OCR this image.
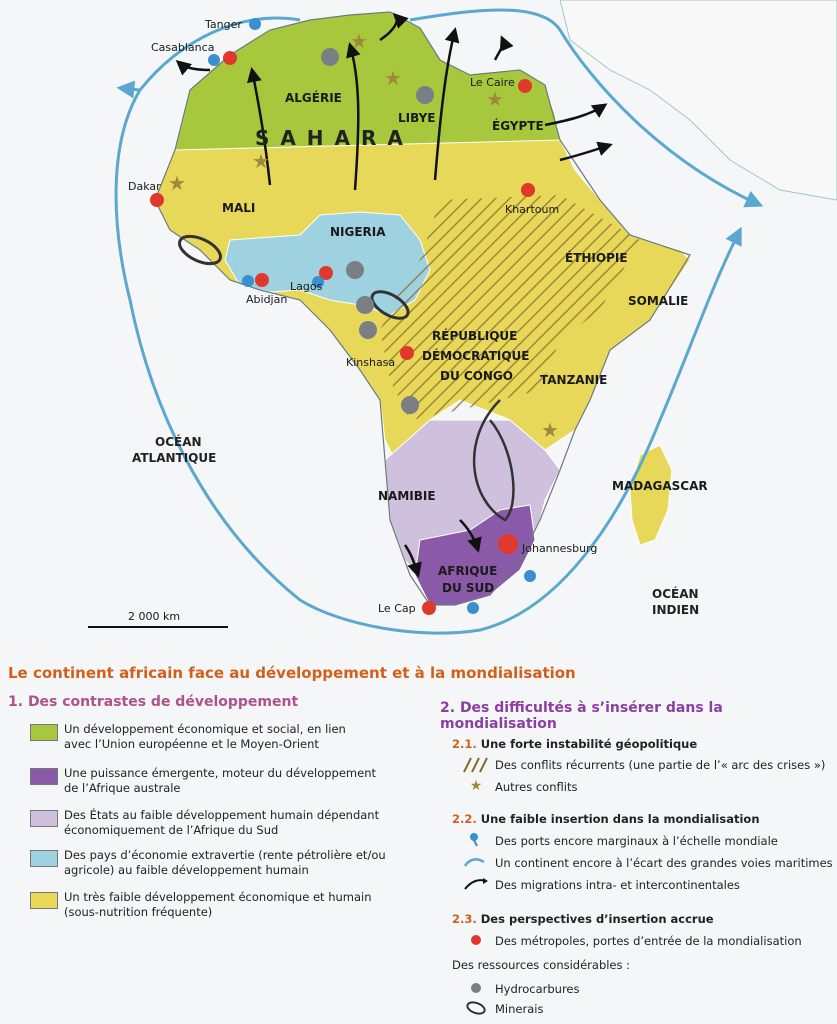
★
★
★
★
★
★
2 000 km
S A H A R A
ALGÉRIE
LIBYE
ÉGYPTE
MALI
NIGERIA
ÉTHIOPIE
SOMALIE
RÉPUBLIQUE
DÉMOCRATIQUE
DU CONGO TANZANIE
NAMIBIE
MADAGASCAR
AFRIQUE
DU SUD
OCÉAN
ATLANTIQUE
OCÉAN
INDIEN
Tanger
Casablanca
Le Caire
Dakar
Khartoum
Abidjan
Lagos
Kinshasa
Johannesburg
Le Cap
Le continent africain face au développement et à la mondialisation
1. Des contrastes de développement
Un développement économique et social, en lien
avec l’Union européenne et le Moyen-Orient
Une puissance émergente, moteur du développement
de l’Afrique australe
Des États au faible développement humain dépendant
économiquement de l’Afrique du Sud
Des pays d’économie extravertie (rente pétrolière et/ou
agricole) au faible développement humain
Un très faible développement économique et humain
(sous-nutrition fréquente)
2. Des difficultés à s’insérer dans la mondialisation
2.1. Une forte instabilité géopolitique
Des conflits récurrents (une partie de l’« arc des crises »)
★	Autres conflits
2.2. Une faible insertion dans la mondialisation
Des ports encore marginaux à l’échelle mondiale
Un continent encore à l’écart des grandes voies maritimes
Des migrations intra- et intercontinentales
2.3. Des perspectives d’insertion accrue
Des métropoles, portes d’entrée de la mondialisation
Des ressources considérables :
Hydrocarbures
Minerais
